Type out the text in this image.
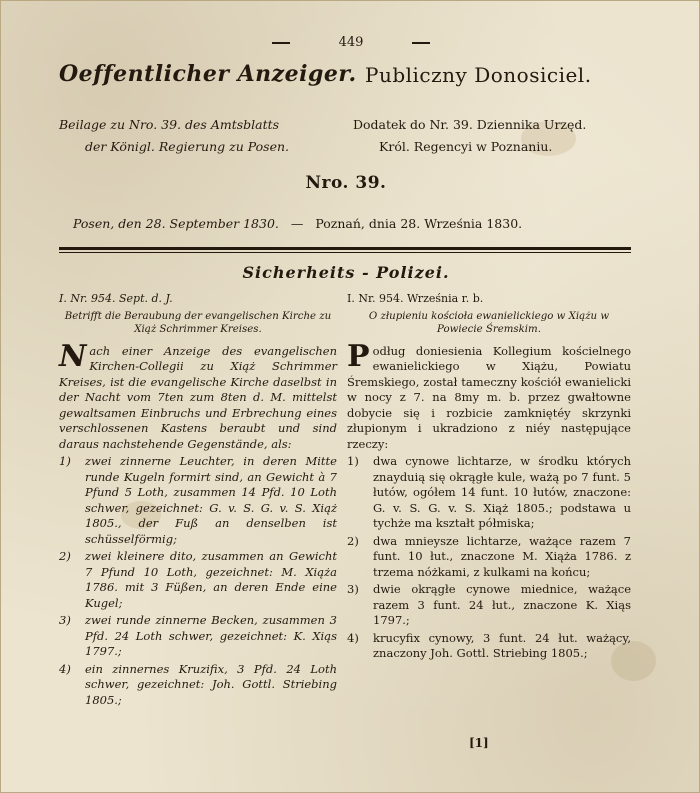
449
Oeffentlicher Anzeiger. Publiczny Donosiciel.
Beilage zu Nro. 39. des Amtsblatts
der Königl. Regierung zu Posen.
Dodatek do Nr. 39. Dziennika Urzęd.
Król. Regencyi w Poznaniu.
Nro. 39.
Posen, den 28. September 1830. — Poznań, dnia 28. Września 1830.
Sicherheits - Polizei.

I. Nr. 954. Sept. d. J.

Betrifft die Beraubung der evangelischen Kirche zu Xiąż Schrimmer Kreises.

N ach einer Anzeige des evangelischen Kirchen-Collegii zu Xiąż Schrimmer Kreises, ist die evangelische Kirche daselbst in der Nacht vom 7ten zum 8ten d. M. mittelst gewaltsamen Einbruchs und Erbrechung eines verschlossenen Kastens beraubt und sind daraus nachstehende Gegenstände, als:

1)	zwei zinnerne Leuchter, in deren Mitte runde Kugeln formirt sind, an Gewicht à 7 Pfund 5 Loth, zusammen 14 Pfd. 10 Loth schwer, gezeichnet: G. v. S. G. v. S. Xiąż 1805., der Fuß an denselben ist schüsselförmig;
2)	zwei kleinere dito, zusammen an Gewicht 7 Pfund 10 Loth, gezeichnet: M. Xiąża 1786. mit 3 Füßen, an deren Ende eine Kugel;
3)	zwei runde zinnerne Becken, zusammen 3 Pfd. 24 Loth schwer, gezeichnet: K. Xiąs 1797.;
4)	ein zinnernes Kruzifix, 3 Pfd. 24 Loth schwer, gezeichnet: Joh. Gottl. Striebing 1805.;

I. Nr. 954. Września r. b.

O złupieniu kościoła ewanielickiego w Xiążu w Powiecie Śremskim.

P odług doniesienia Kollegium kościelnego ewanielickiego w Xiążu, Powiatu Śremskiego, został tameczny kościół ewanielicki w nocy z 7. na 8my m. b. przez gwałtowne dobycie się i rozbicie zamkniętéy skrzynki złupionym i ukradziono z niéy następujące rzeczy:

1)	dwa cynowe lichtarze, w środku których znayduią się okrągłe kule, ważą po 7 funt. 5 łutów, ogółem 14 funt. 10 łutów, znaczone: G. v. S. G. v. S. Xiąż 1805.; podstawa u tychże ma kształt półmiska;
2)	dwa mnieysze lichtarze, ważące razem 7 funt. 10 łut., znaczone M. Xiąża 1786. z trzema nóżkami, z kulkami na końcu;
3)	dwie okrągłe cynowe miednice, ważące razem 3 funt. 24 łut., znaczone K. Xiąs 1797.;
4)	krucyfix cynowy, 3 funt. 24 łut. ważący, znaczony Joh. Gottl. Striebing 1805.;
[1]
